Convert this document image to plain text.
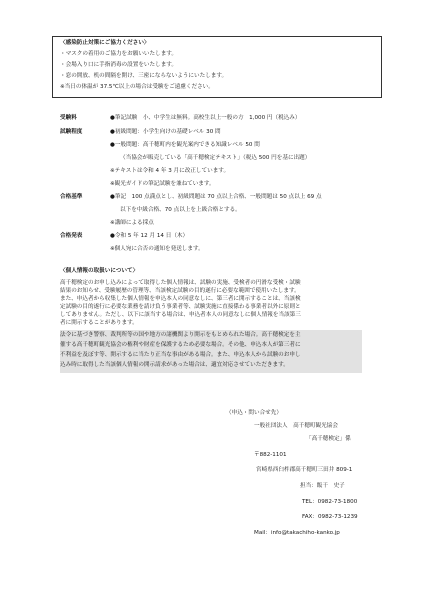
〈感染防止対策にご協力ください〉
・マスクの着用のご協力をお願いいたします。
・会場入り口に手指消毒の設置をいたします。
・窓の開放、机の間隔を開け、三密にならないようにいたします。
※当日の体温が 37.5℃以上の場合は受験をご遠慮ください。
受験料	●筆記試験　小、中学生は無料。高校生以上一般の方　1,000 円（税込み）
試験程度	●初級問題：小学生向けの基礎レベル 30 問
●一般問題：高千穂町内を観光案内できる知識レベル 50 問
（当協会が販売している「高千穂検定テキスト」（税込 500 円を基に出題）
※テキストは令和 4 年 3 月に改正しています。
※観光ガイドの筆記試験を兼ねています。
合格基準	●筆記　100 点満点とし、初級問題は 70 点以上合格、一般問題は 50 点以上 69 点
以下を中級合格、70 点以上を上級合格とする。
※講師による採点
合格発表	●令和 5 年 12 月 14 日（木）
※個人宛に合否の通知を発送します。
〈個人情報の取扱いについて〉
高千穂検定のお申し込みによって取得した個人情報は、試験の実施、受検者の円滑な受検・試験
結果のお知らせ、受験履歴の管理等、当該検定試験の目的遂行に必要な範囲で使用いたします。
また、申込者から収集した個人情報を申込本人の同意なしに、第三者に開示することは、当該検
定試験の目的遂行に必要な業務を請け負う事業者等、試験実施に直接係わる事業者以外に原則と
してありません。ただし、以下に該当する場合は、申込者本人の同意なしに個人情報を当該第三
者に開示することがあります。
法令に基づき警察、裁判所等の国や地方の諸機関より開示をもとめられた場合。高千穂検定を主
催する高千穂町観光協会の権利や財産を保護するため必要な場合。その他、申込本人が第三者に
不利益を及ぼす等、開示するに当たり正当な事由がある場合。また、申込本人から試験のお申し
込み時に取得した当該個人情報の開示請求があった場合は、適宜対応させていただきます。
（申込・問い合せ先）
一般社団法人　高千穂町観光協会
「高千穂検定」係
〒882-1101
宮崎県西臼杵郡高千穂町三田井 809-1
担当：飯干　史子
TEL：0982-73-1800
FAX：0982-73-1239
Mail：info@takachiho-kanko.jp
